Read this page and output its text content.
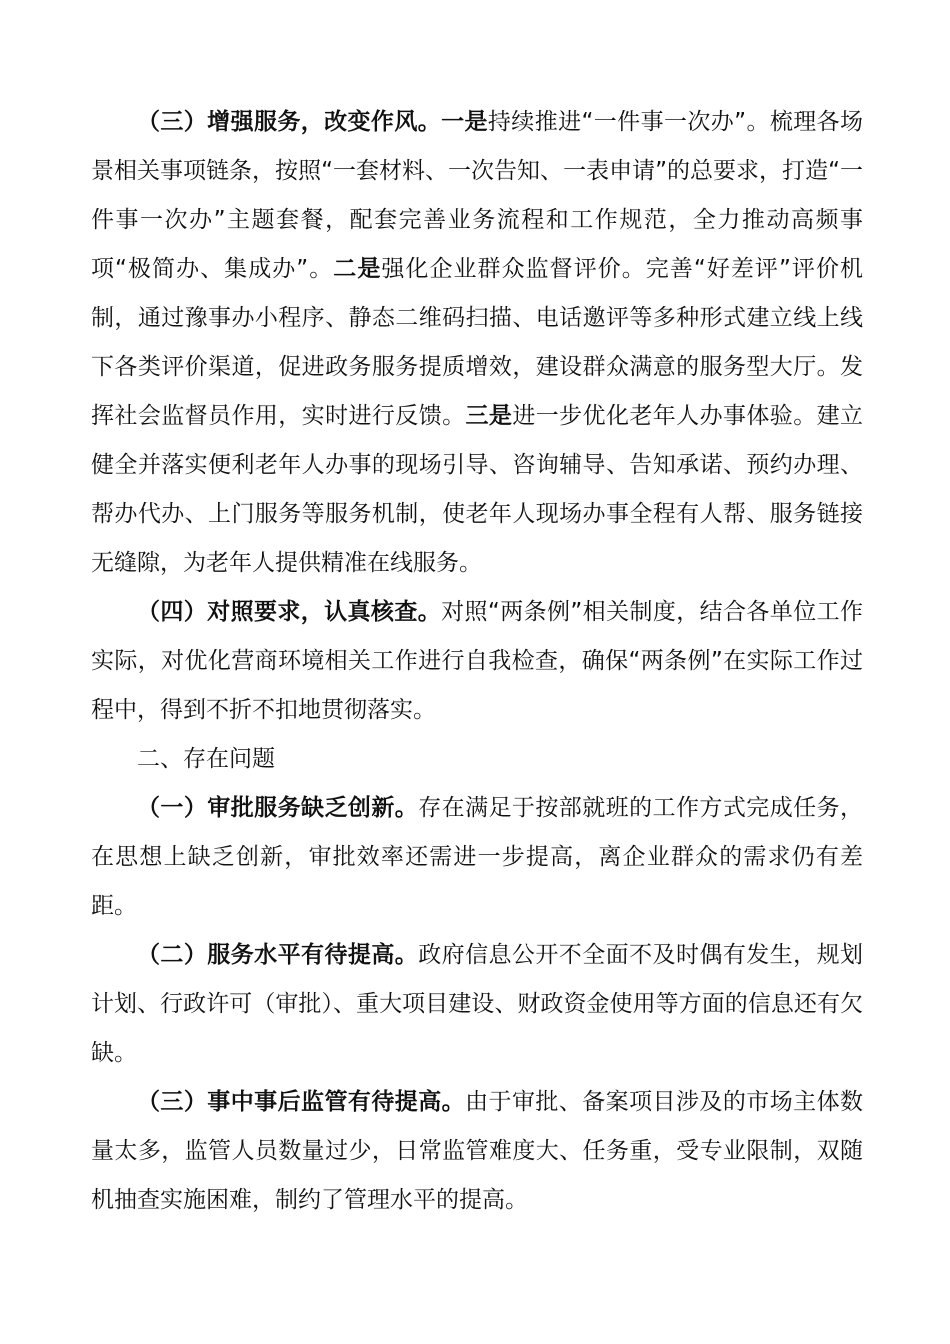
（三）增强服务，改变作风。一是持续推进“一件事一次办”。梳理各场景相关事项链条，按照“一套材料、一次告知、一表申请”的总要求，打造“一件事一次办”主题套餐，配套完善业务流程和工作规范，全力推动高频事项“极简办、集成办”。二是强化企业群众监督评价。完善“好差评”评价机制，通过豫事办小程序、静态二维码扫描、电话邀评等多种形式建立线上线下各类评价渠道，促进政务服务提质增效，建设群众满意的服务型大厅。发挥社会监督员作用，实时进行反馈。三是进一步优化老年人办事体验。建立健全并落实便利老年人办事的现场引导、咨询辅导、告知承诺、预约办理、帮办代办、上门服务等服务机制，使老年人现场办事全程有人帮、服务链接无缝隙，为老年人提供精准在线服务。

（四）对照要求，认真核查。对照“两条例”相关制度，结合各单位工作实际，对优化营商环境相关工作进行自我检查，确保“两条例”在实际工作过程中，得到不折不扣地贯彻落实。

二、存在问题

（一）审批服务缺乏创新。存在满足于按部就班的工作方式完成任务，在思想上缺乏创新，审批效率还需进一步提高，离企业群众的需求仍有差距。

（二）服务水平有待提高。政府信息公开不全面不及时偶有发生，规划计划、行政许可（审批）、重大项目建设、财政资金使用等方面的信息还有欠缺。

（三）事中事后监管有待提高。由于审批、备案项目涉及的市场主体数量太多，监管人员数量过少，日常监管难度大、任务重，受专业限制，双随机抽查实施困难，制约了管理水平的提高。
